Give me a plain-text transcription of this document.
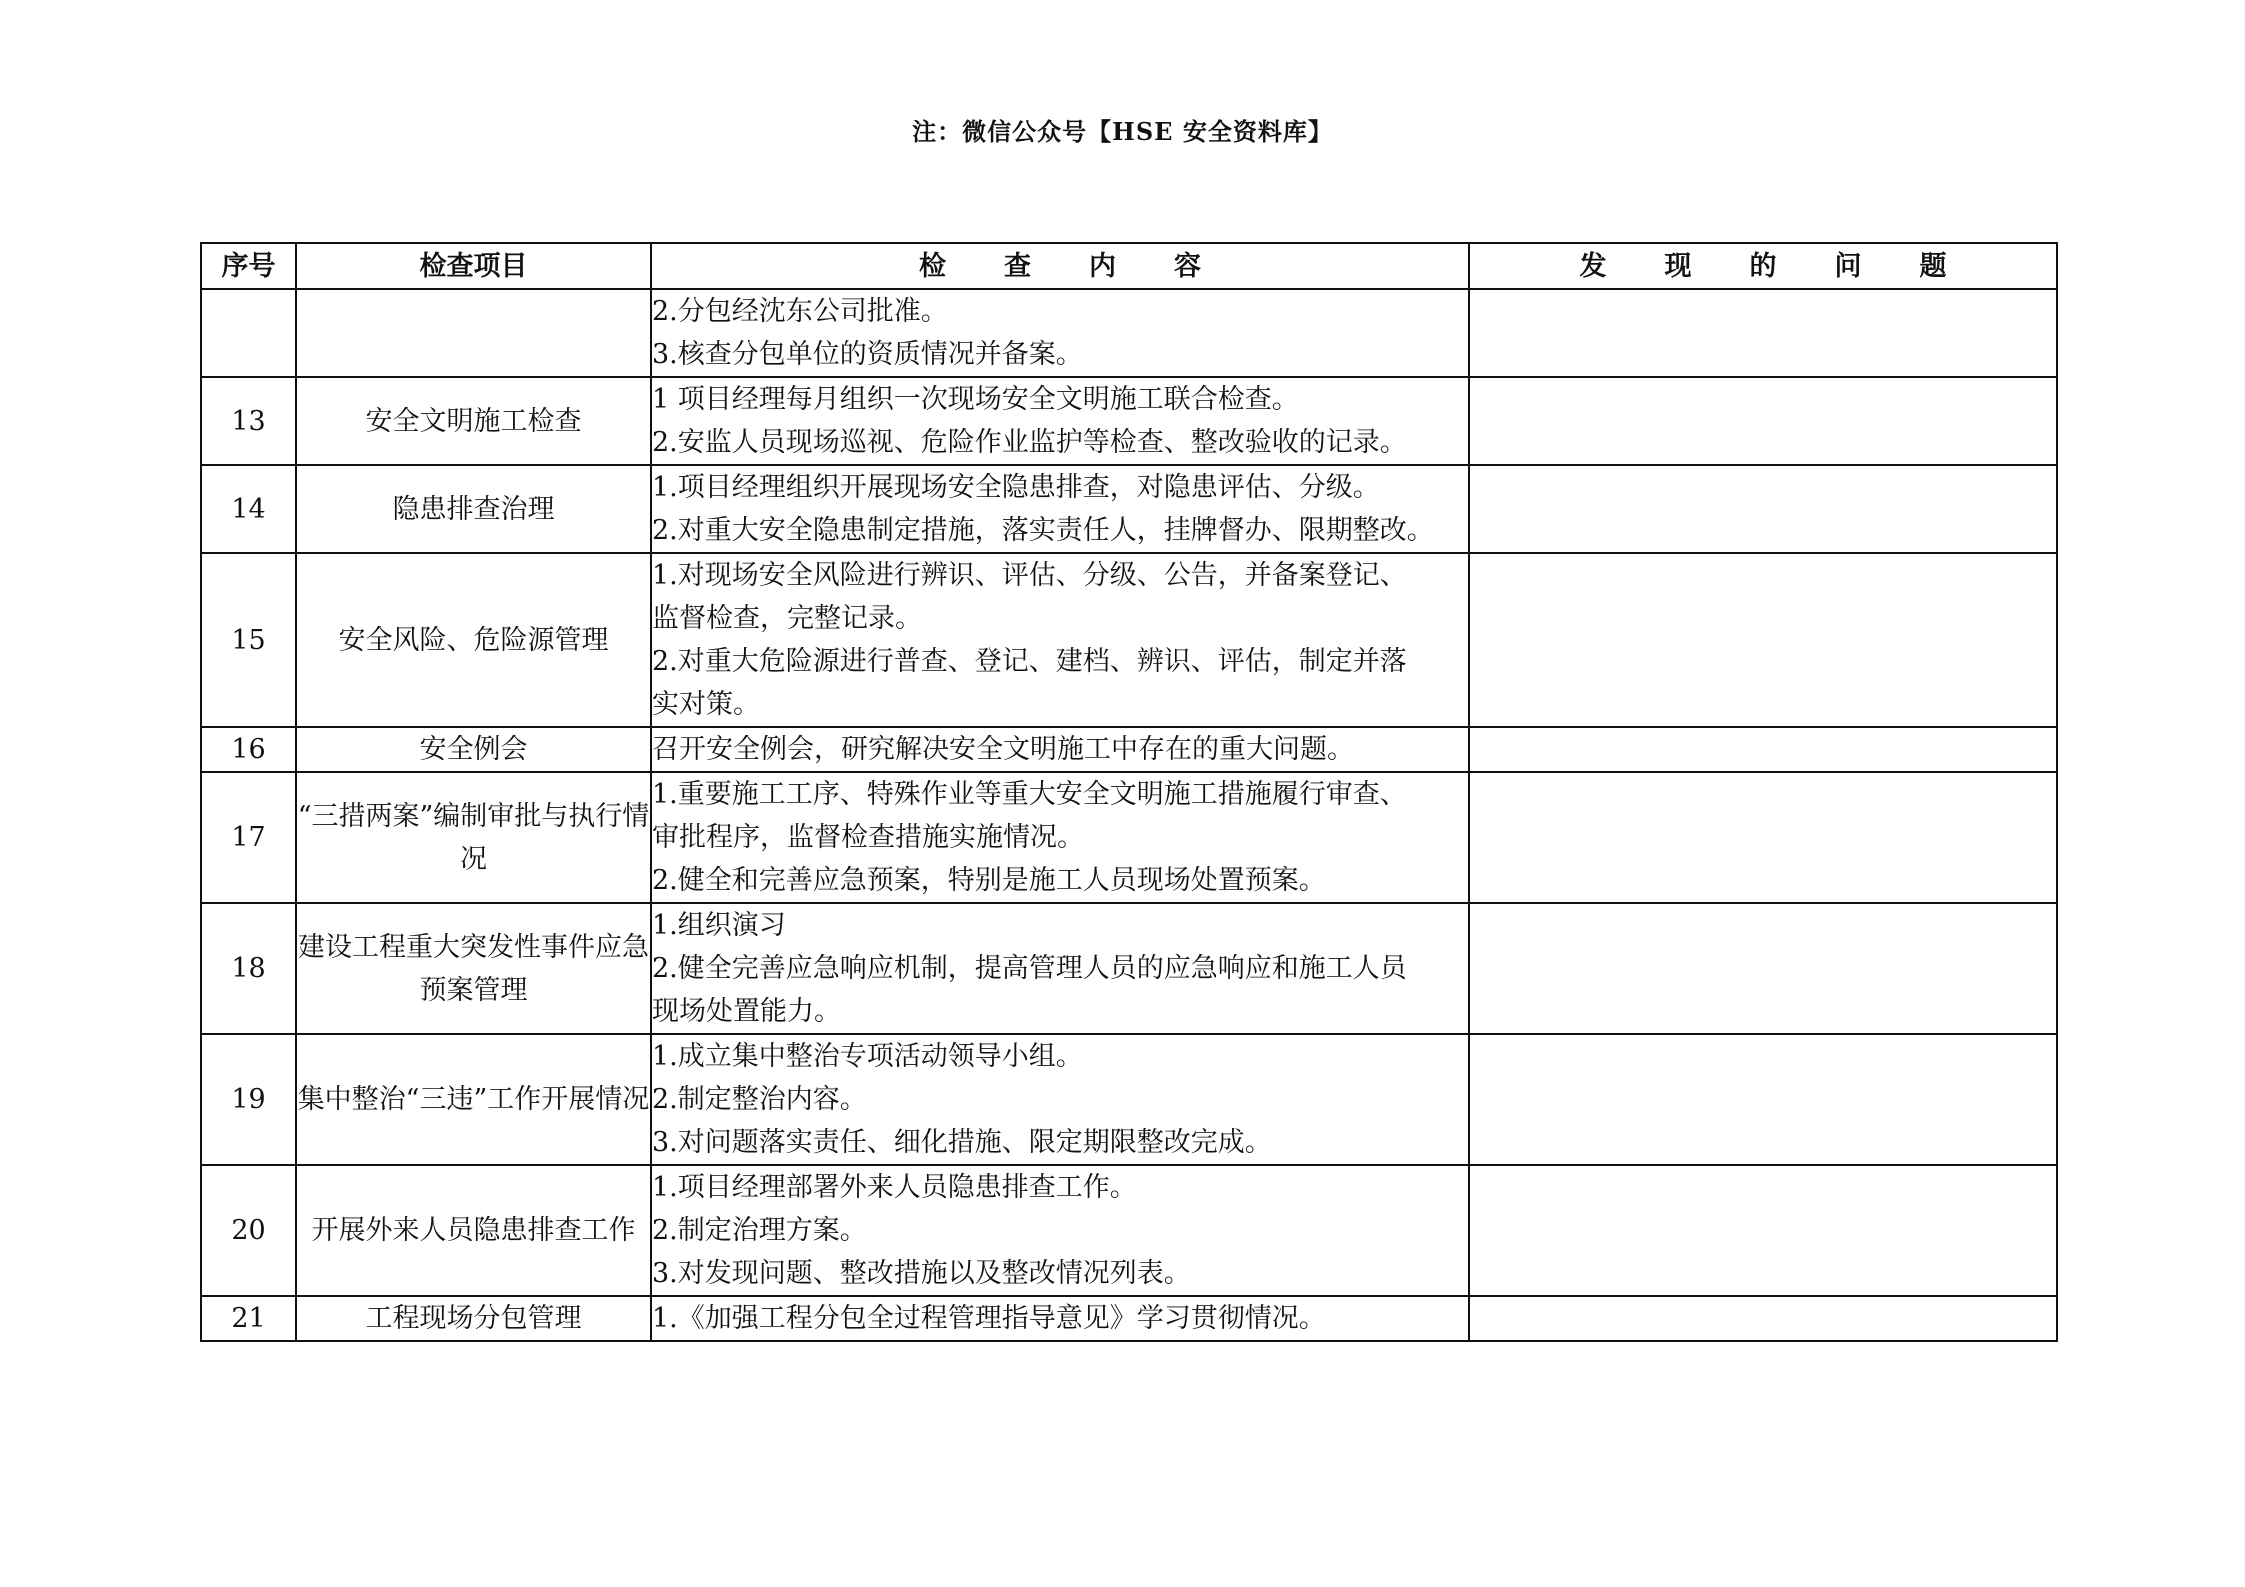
注：微信公众号【HSE 安全资料库】
序号	检查项目	检 查 内 容	发 现 的 问 题

		2.分包经沈东公司批准。
3.核查分包单位的资质情况并备案。	

13	安全文明施工检查	1 项目经理每月组织一次现场安全文明施工联合检查。
2.安监人员现场巡视、危险作业监护等检查、整改验收的记录。	

14	隐患排查治理	1.项目经理组织开展现场安全隐患排查，对隐患评估、分级。
2.对重大安全隐患制定措施，落实责任人，挂牌督办、限期整改。	

15	安全风险、危险源管理	1.对现场安全风险进行辨识、评估、分级、公告，并备案登记、
监督检查，完整记录。
2.对重大危险源进行普查、登记、建档、辨识、评估，制定并落
实对策。	

16	安全例会	召开安全例会，研究解决安全文明施工中存在的重大问题。	

17	“三措两案”编制审批与执行情况	1.重要施工工序、特殊作业等重大安全文明施工措施履行审查、
审批程序，监督检查措施实施情况。
2.健全和完善应急预案，特别是施工人员现场处置预案。	

18	建设工程重大突发性事件应急预案管理	1.组织演习
2.健全完善应急响应机制，提高管理人员的应急响应和施工人员
现场处置能力。	

19	集中整治“三违”工作开展情况	1.成立集中整治专项活动领导小组。
2.制定整治内容。
3.对问题落实责任、细化措施、限定期限整改完成。	

20	开展外来人员隐患排查工作	1.项目经理部署外来人员隐患排查工作。
2.制定治理方案。
3.对发现问题、整改措施以及整改情况列表。	

21	工程现场分包管理	1.《加强工程分包全过程管理指导意见》学习贯彻情况。	
